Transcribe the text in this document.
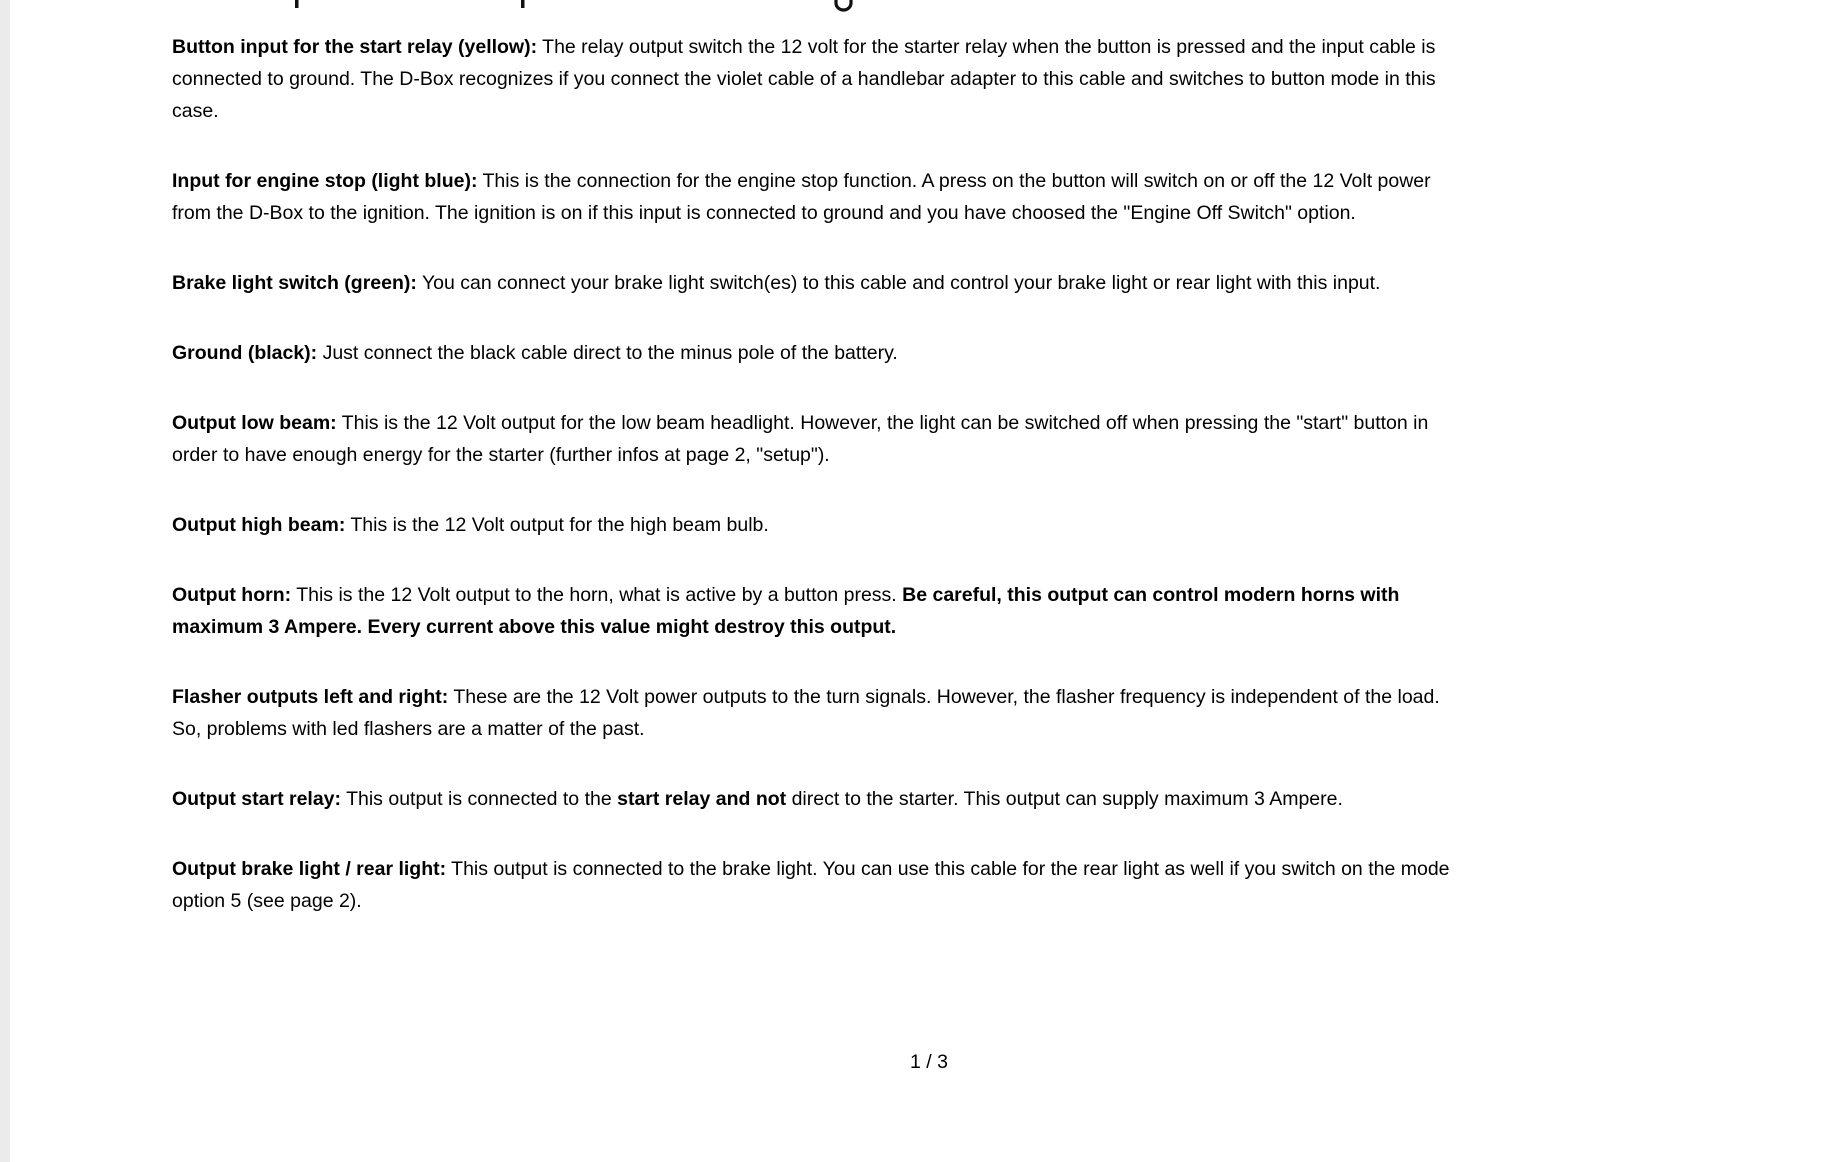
Button input for the start relay (yellow): The relay output switch the 12 volt for the starter relay when the button is pressed and the input cable is connected to ground. The D-Box recognizes if you connect the violet cable of a handlebar adapter to this cable and switches to button mode in this case.

Input for engine stop (light blue): This is the connection for the engine stop function. A press on the button will switch on or off the 12 Volt power from the D-Box to the ignition. The ignition is on if this input is connected to ground and you have choosed the "Engine Off Switch" option.

Brake light switch (green): You can connect your brake light switch(es) to this cable and control your brake light or rear light with this input.

Ground (black): Just connect the black cable direct to the minus pole of the battery.

Output low beam: This is the 12 Volt output for the low beam headlight. However, the light can be switched off when pressing the "start" button in order to have enough energy for the starter (further infos at page 2, "setup").

Output high beam: This is the 12 Volt output for the high beam bulb.

Output horn: This is the 12 Volt output to the horn, what is active by a button press. Be careful, this output can control modern horns with maximum 3 Ampere. Every current above this value might destroy this output.

Flasher outputs left and right: These are the 12 Volt power outputs to the turn signals. However, the flasher frequency is independent of the load. So, problems with led flashers are a matter of the past.

Output start relay: This output is connected to the start relay and not direct to the starter. This output can supply maximum 3 Ampere.

Output brake light / rear light: This output is connected to the brake light. You can use this cable for the rear light as well if you switch on the mode option 5 (see page 2).

1 / 3
